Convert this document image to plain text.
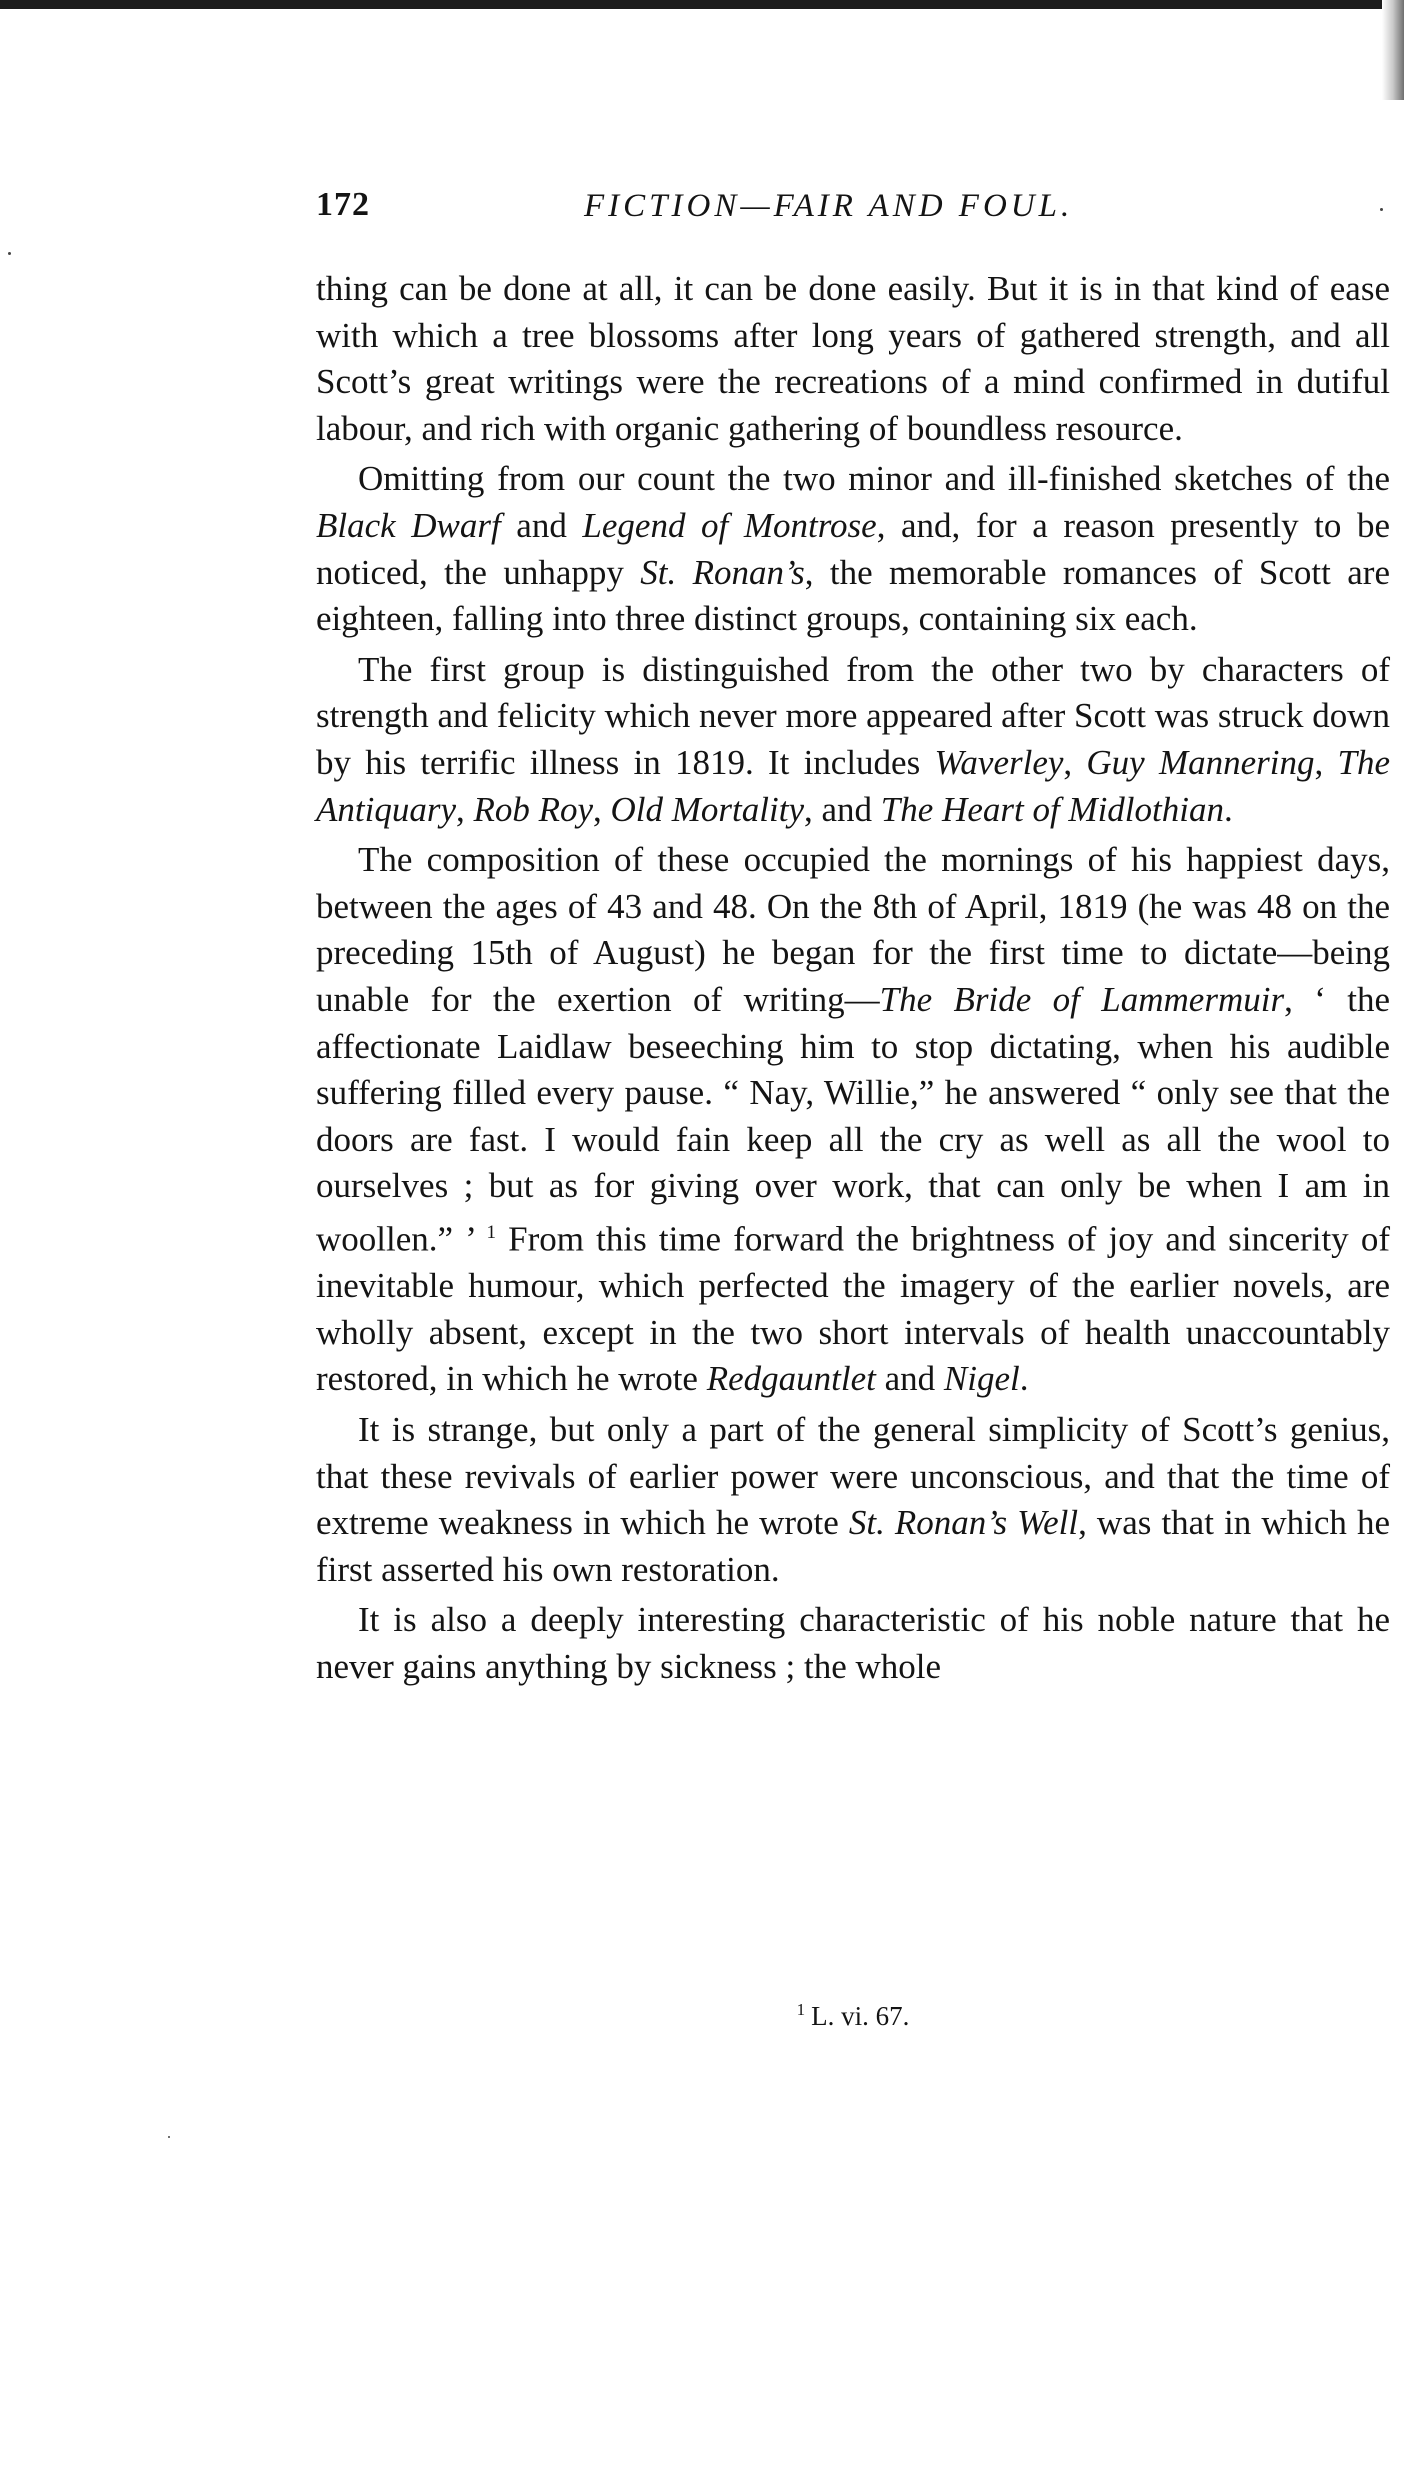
172	FICTION—FAIR AND FOUL.

thing can be done at all, it can be done easily. But it is in that kind of ease with which a tree blossoms after long years of gathered strength, and all Scott’s great writings were the recreations of a mind confirmed in dutiful labour, and rich with organic gathering of boundless resource.

Omitting from our count the two minor and ill-finished sketches of the Black Dwarf and Legend of Montrose, and, for a reason presently to be noticed, the unhappy St. Ronan’s, the memorable romances of Scott are eighteen, falling into three distinct groups, containing six each.

The first group is distinguished from the other two by characters of strength and felicity which never more appeared after Scott was struck down by his terrific illness in 1819. It includes Waverley, Guy Mannering, The Antiquary, Rob Roy, Old Mortality, and The Heart of Midlothian.

The composition of these occupied the mornings of his happiest days, between the ages of 43 and 48. On the 8th of April, 1819 (he was 48 on the preceding 15th of August) he began for the first time to dictate—being unable for the exertion of writing—The Bride of Lammermuir, ‘ the affectionate Laidlaw beseeching him to stop dictating, when his audible suffering filled every pause. “ Nay, Willie,” he answered “ only see that the doors are fast. I would fain keep all the cry as well as all the wool to ourselves ; but as for giving over work, that can only be when I am in woollen.” ’ $^1$ From this time forward the brightness of joy and sincerity of inevitable humour, which perfected the imagery of the earlier novels, are wholly absent, except in the two short intervals of health unaccountably restored, in which he wrote Redgauntlet and Nigel.

It is strange, but only a part of the general simplicity of Scott’s genius, that these revivals of earlier power were unconscious, and that the time of extreme weakness in which he wrote St. Ronan’s Well, was that in which he first asserted his own restoration.

It is also a deeply interesting characteristic of his noble nature that he never gains anything by sickness ; the whole

$^1$ L. vi. 67.
